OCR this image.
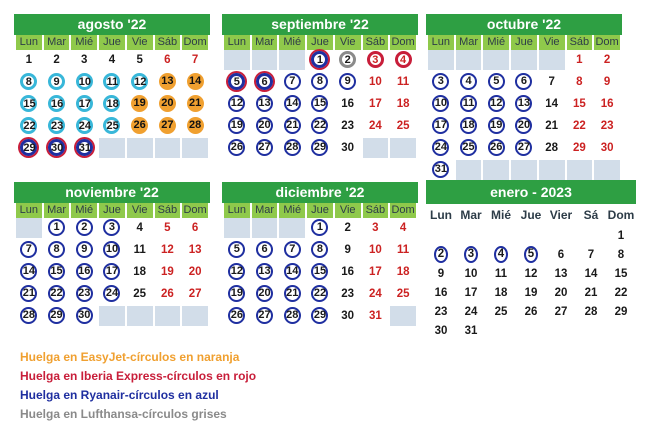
agosto '22
Lun	Mar	Mié	Jue	Vie	Sáb	Dom
1	2	3	4	5	6	7
8	9	10	11	12	13	14
15	16	17	18	19	20	21
22	23	24	25	26	27	28
29	30	31				
septiembre '22
Lun	Mar	Mié	Jue	Vie	Sáb	Dom
			1	2	3	4
5	6	7	8	9	10	11
12	13	14	15	16	17	18
19	20	21	22	23	24	25
26	27	28	29	30		
octubre '22
Lun	Mar	Mié	Jue	Vie	Sáb	Dom
					1	2
3	4	5	6	7	8	9
10	11	12	13	14	15	16
17	18	19	20	21	22	23
24	25	26	27	28	29	30
31						
noviembre '22
Lun	Mar	Mié	Jue	Vie	Sáb	Dom
	1	2	3	4	5	6
7	8	9	10	11	12	13
14	15	16	17	18	19	20
21	22	23	24	25	26	27
28	29	30				
diciembre '22
Lun	Mar	Mié	Jue	Vie	Sáb	Dom
			1	2	3	4
5	6	7	8	9	10	11
12	13	14	15	16	17	18
19	20	21	22	23	24	25
26	27	28	29	30	31	
enero - 2023
Lun	Mar	Mié	Jue	Vier	Sá	Dom
						1
2	3	4	5	6	7	8
9	10	11	12	13	14	15
16	17	18	19	20	21	22
23	24	25	26	27	28	29
30	31					
Huelga en EasyJet-círculos en naranja
Huelga en Iberia Express-círculos en rojo
Huelga en Ryanair-círculos en azul
Huelga en Lufthansa-círculos grises
